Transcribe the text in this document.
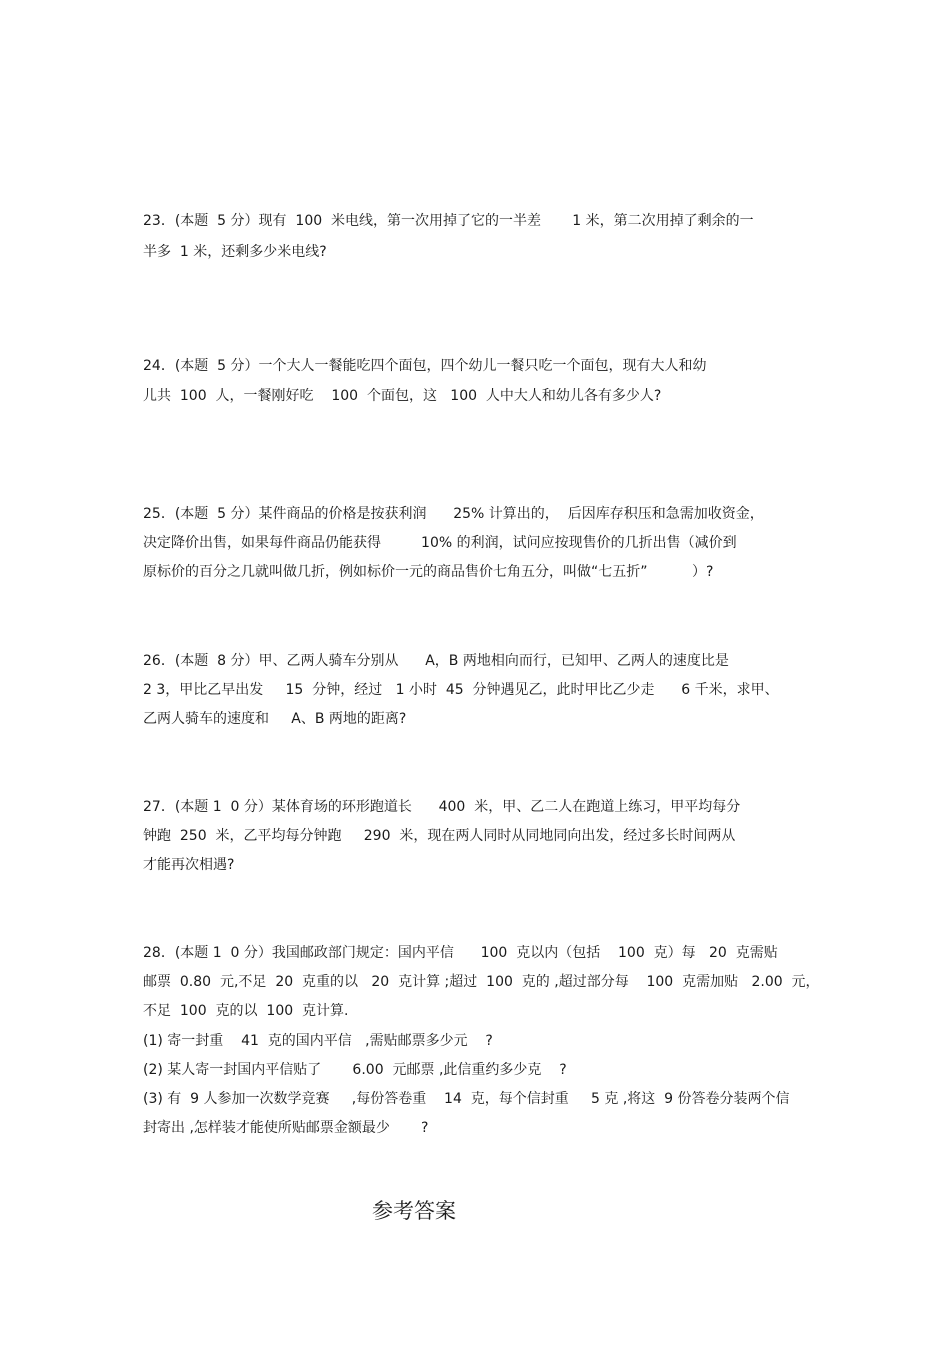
23．(本题  5 分）现有  100  米电线，第一次用掉了它的一半差       1 米，第二次用掉了剩余的一
半多  1 米，还剩多少米电线?
24．(本题  5 分）一个大人一餐能吃四个面包，四个幼儿一餐只吃一个面包，现有大人和幼
儿共  100  人，一餐刚好吃    100  个面包，这   100  人中大人和幼儿各有多少人?
25．(本题  5 分）某件商品的价格是按获利润      25% 计算出的，  后因库存积压和急需加收资金，
决定降价出售，如果每件商品仍能获得         10% 的利润，试问应按现售价的几折出售（减价到
原标价的百分之几就叫做几折，例如标价一元的商品售价七角五分，叫做“七五折”          ）?
26．(本题  8 分）甲、乙两人骑车分别从      A，B 两地相向而行，已知甲、乙两人的速度比是
2 3，甲比乙早出发     15  分钟，经过   1 小时  45  分钟遇见乙，此时甲比乙少走      6 千米，求甲、
乙两人骑车的速度和     A、B 两地的距离?
27．(本题 1  0 分）某体育场的环形跑道长      400  米，甲、乙二人在跑道上练习，甲平均每分
钟跑  250  米，乙平均每分钟跑     290  米，现在两人同时从同地同向出发，经过多长时间两从
才能再次相遇?
28．(本题 1  0 分）我国邮政部门规定：国内平信      100  克以内（包括    100  克）每   20  克需贴
邮票  0.80  元,不足  20  克重的以   20  克计算 ;超过  100  克的 ,超过部分每    100  克需加贴   2.00  元，
不足  100  克的以  100  克计算.
(1) 寄一封重    41  克的国内平信   ,需贴邮票多少元    ?
(2) 某人寄一封国内平信贴了       6.00  元邮票 ,此信重约多少克    ?
(3) 有  9 人参加一次数学竞赛     ,每份答卷重    14  克，每个信封重     5 克 ,将这  9 份答卷分装两个信
封寄出 ,怎样装才能使所贴邮票金额最少       ?
参考答案
